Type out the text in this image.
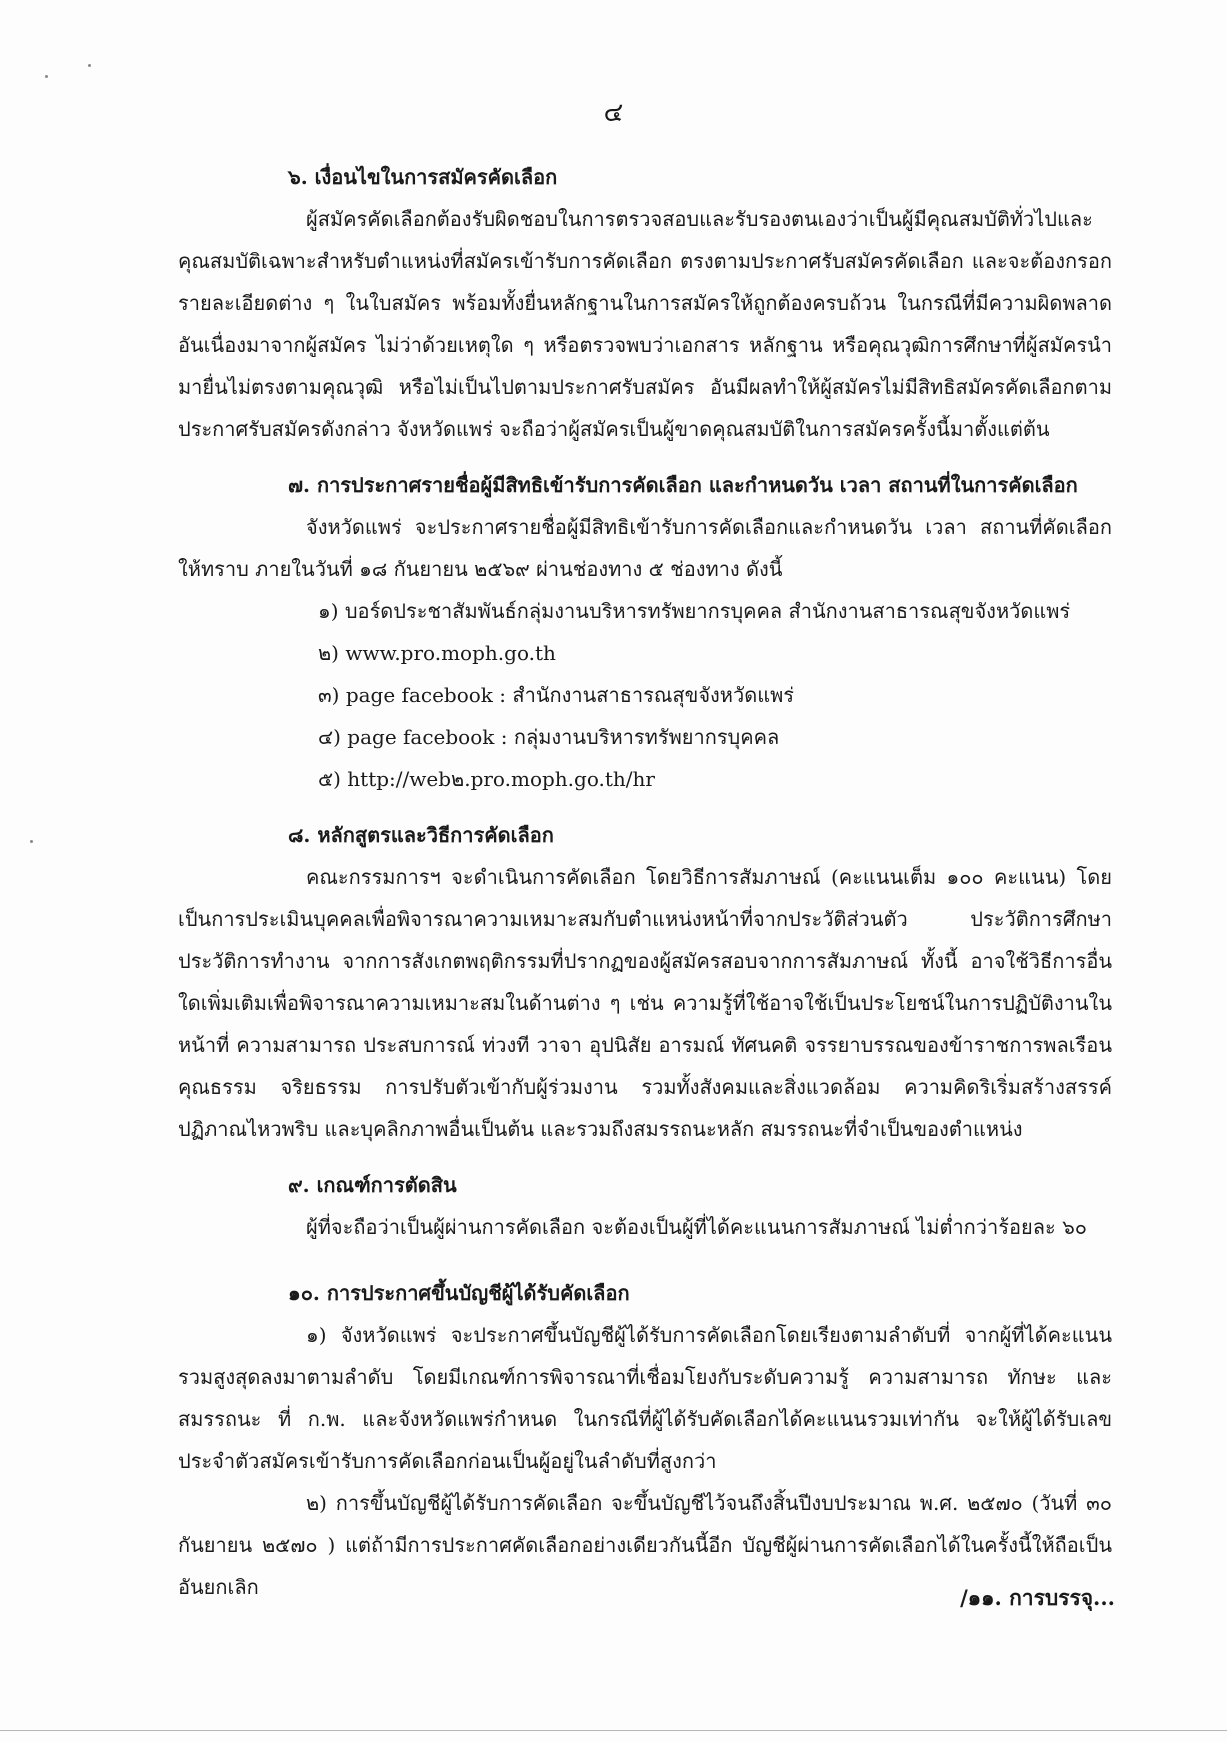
๔
๖. เงื่อนไขในการสมัครคัดเลือก

ผู้สมัครคัดเลือกต้องรับผิดชอบในการตรวจสอบและรับรองตนเองว่าเป็นผู้มีคุณสมบัติทั่วไปและคุณสมบัติเฉพาะสำหรับตำแหน่งที่สมัครเข้ารับการคัดเลือก ตรงตามประกาศรับสมัครคัดเลือก และจะต้องกรอกรายละเอียดต่าง ๆ ในใบสมัคร พร้อมทั้งยื่นหลักฐานในการสมัครให้ถูกต้องครบถ้วน ในกรณีที่มีความผิดพลาด อันเนื่องมาจากผู้สมัคร ไม่ว่าด้วยเหตุใด ๆ หรือตรวจพบว่าเอกสาร หลักฐาน หรือคุณวุฒิการศึกษาที่ผู้สมัครนำมายื่นไม่ตรงตามคุณวุฒิ หรือไม่เป็นไปตามประกาศรับสมัคร อันมีผลทำให้ผู้สมัครไม่มีสิทธิสมัครคัดเลือกตามประกาศรับสมัครดังกล่าว จังหวัดแพร่ จะถือว่าผู้สมัครเป็นผู้ขาดคุณสมบัติในการสมัครครั้งนี้มาตั้งแต่ต้น

๗. การประกาศรายชื่อผู้มีสิทธิเข้ารับการคัดเลือก และกำหนดวัน เวลา สถานที่ในการคัดเลือก

จังหวัดแพร่ จะประกาศรายชื่อผู้มีสิทธิเข้ารับการคัดเลือกและกำหนดวัน เวลา สถานที่คัดเลือกให้ทราบ ภายในวันที่ ๑๘ กันยายน ๒๕๖๙ ผ่านช่องทาง ๕ ช่องทาง ดังนี้

๑) บอร์ดประชาสัมพันธ์กลุ่มงานบริหารทรัพยากรบุคคล สำนักงานสาธารณสุขจังหวัดแพร่
๒) www.pro.moph.go.th
๓) page facebook : สำนักงานสาธารณสุขจังหวัดแพร่
๔) page facebook : กลุ่มงานบริหารทรัพยากรบุคคล
๕) http://web๒.pro.moph.go.th/hr
๘. หลักสูตรและวิธีการคัดเลือก

คณะกรรมการฯ จะดำเนินการคัดเลือก โดยวิธีการสัมภาษณ์ (คะแนนเต็ม ๑๐๐ คะแนน) โดยเป็นการประเมินบุคคลเพื่อพิจารณาความเหมาะสมกับตำแหน่งหน้าที่จากประวัติส่วนตัว ประวัติการศึกษา ประวัติการทำงาน จากการสังเกตพฤติกรรมที่ปรากฏของผู้สมัครสอบจากการสัมภาษณ์ ทั้งนี้ อาจใช้วิธีการอื่นใดเพิ่มเติมเพื่อพิจารณาความเหมาะสมในด้านต่าง ๆ เช่น ความรู้ที่ใช้อาจใช้เป็นประโยชน์ในการปฏิบัติงานในหน้าที่ ความสามารถ ประสบการณ์ ท่วงที วาจา อุปนิสัย อารมณ์ ทัศนคติ จรรยาบรรณของข้าราชการพลเรือน คุณธรรม จริยธรรม การปรับตัวเข้ากับผู้ร่วมงาน รวมทั้งสังคมและสิ่งแวดล้อม ความคิดริเริ่มสร้างสรรค์ ปฏิภาณไหวพริบ และบุคลิกภาพอื่นเป็นต้น และรวมถึงสมรรถนะหลัก สมรรถนะที่จำเป็นของตำแหน่ง

๙. เกณฑ์การตัดสิน

ผู้ที่จะถือว่าเป็นผู้ผ่านการคัดเลือก จะต้องเป็นผู้ที่ได้คะแนนการสัมภาษณ์ ไม่ต่ำกว่าร้อยละ ๖๐

๑๐. การประกาศขึ้นบัญชีผู้ได้รับคัดเลือก

๑) จังหวัดแพร่ จะประกาศขึ้นบัญชีผู้ได้รับการคัดเลือกโดยเรียงตามลำดับที่ จากผู้ที่ได้คะแนนรวมสูงสุดลงมาตามลำดับ โดยมีเกณฑ์การพิจารณาที่เชื่อมโยงกับระดับความรู้ ความสามารถ ทักษะ และสมรรถนะ ที่ ก.พ. และจังหวัดแพร่กำหนด ในกรณีที่ผู้ได้รับคัดเลือกได้คะแนนรวมเท่ากัน จะให้ผู้ได้รับเลขประจำตัวสมัครเข้ารับการคัดเลือกก่อนเป็นผู้อยู่ในลำดับที่สูงกว่า

๒) การขึ้นบัญชีผู้ได้รับการคัดเลือก จะขึ้นบัญชีไว้จนถึงสิ้นปีงบประมาณ พ.ศ. ๒๕๗๐ (วันที่ ๓๐ กันยายน ๒๕๗๐ ) แต่ถ้ามีการประกาศคัดเลือกอย่างเดียวกันนี้อีก บัญชีผู้ผ่านการคัดเลือกได้ในครั้งนี้ให้ถือเป็นอันยกเลิก	/๑๑. การบรรจุ...
